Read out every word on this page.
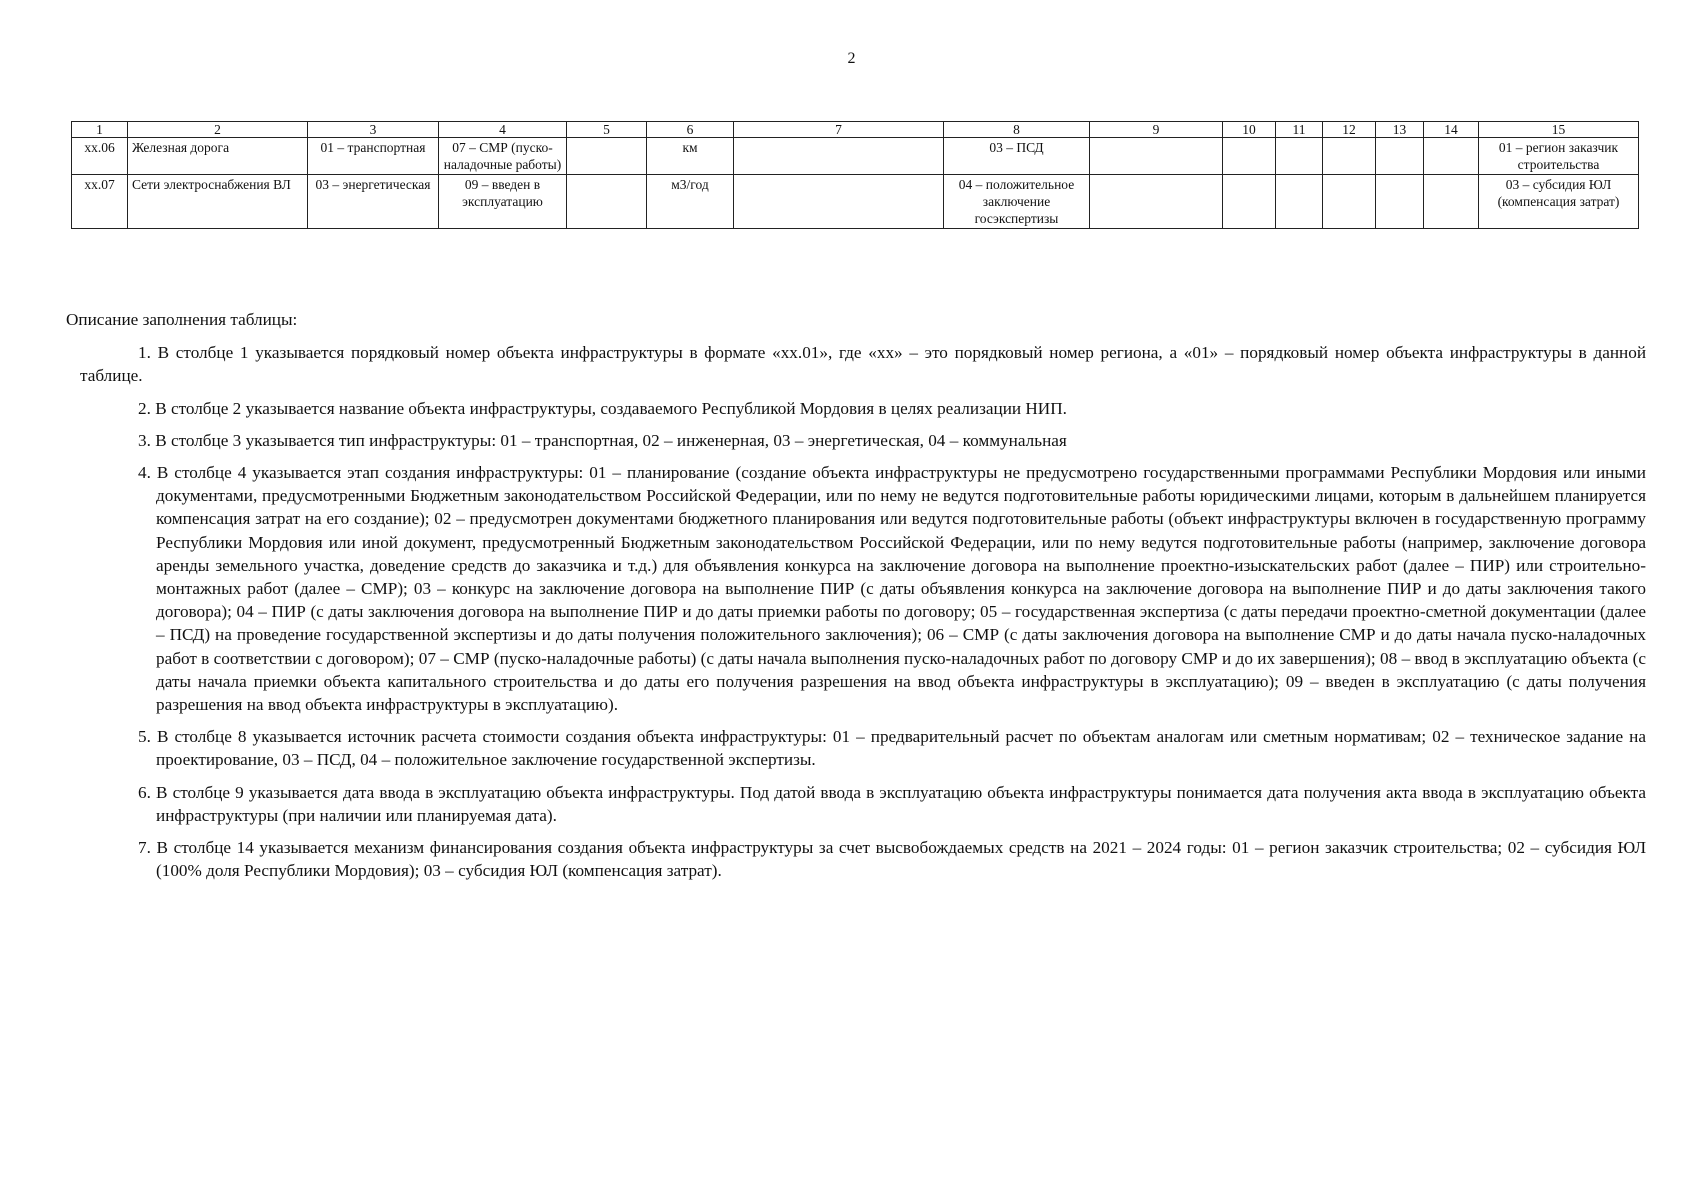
2
1	2	3	4	5	6	7	8	9	10	11	12	13	14	15
xx.06	Железная дорога	01 – транспортная	07 – СМР (пуско-наладочные работы)		км		03 – ПСД							01 – регион заказчик строительства
xx.07	Сети электроснабжения ВЛ	03 – энергетическая	09 – введен в эксплуатацию		м3/год		04 – положительное заключение госэкспертизы							03 – субсидия ЮЛ (компенсация затрат)

Описание заполнения таблицы:

1. В столбце 1 указывается порядковый номер объекта инфраструктуры в формате «xx.01», где «xx» – это порядковый номер региона, а «01» – порядковый номер объекта инфраструктуры в данной таблице.

2. В столбце 2 указывается название объекта инфраструктуры, создаваемого Республикой Мордовия в целях реализации НИП.

3. В столбце 3 указывается тип инфраструктуры: 01 – транспортная, 02 – инженерная, 03 – энергетическая, 04 – коммунальная

4. В столбце 4 указывается этап создания инфраструктуры: 01 – планирование (создание объекта инфраструктуры не предусмотрено государственными программами Республики Мордовия или иными документами, предусмотренными Бюджетным законодательством Российской Федерации, или по нему не ведутся подготовительные работы юридическими лицами, которым в дальнейшем планируется компенсация затрат на его создание); 02 – предусмотрен документами бюджетного планирования или ведутся подготовительные работы (объект инфраструктуры включен в государственную программу Республики Мордовия или иной документ, предусмотренный Бюджетным законодательством Российской Федерации, или по нему ведутся подготовительные работы (например, заключение договора аренды земельного участка, доведение средств до заказчика и т.д.) для объявления конкурса на заключение договора на выполнение проектно-изыскательских работ (далее – ПИР) или строительно-монтажных работ (далее – СМР); 03 – конкурс на заключение договора на выполнение ПИР (с даты объявления конкурса на заключение договора на выполнение ПИР и до даты заключения такого договора); 04 – ПИР (с даты заключения договора на выполнение ПИР и до даты приемки работы по договору; 05 – государственная экспертиза (с даты передачи проектно-сметной документации (далее – ПСД) на проведение государственной экспертизы и до даты получения положительного заключения); 06 – СМР (с даты заключения договора на выполнение СМР и до даты начала пуско-наладочных работ в соответствии с договором); 07 – СМР (пуско-наладочные работы) (с даты начала выполнения пуско-наладочных работ по договору СМР и до их завершения); 08 – ввод в эксплуатацию объекта (с даты начала приемки объекта капитального строительства и до даты его получения разрешения на ввод объекта инфраструктуры в эксплуатацию); 09 – введен в эксплуатацию (с даты получения разрешения на ввод объекта инфраструктуры в эксплуатацию).

5. В столбце 8 указывается источник расчета стоимости создания объекта инфраструктуры: 01 – предварительный расчет по объектам аналогам или сметным нормативам; 02 – техническое задание на проектирование, 03 – ПСД, 04 – положительное заключение государственной экспертизы.

6. В столбце 9 указывается дата ввода в эксплуатацию объекта инфраструктуры. Под датой ввода в эксплуатацию объекта инфраструктуры понимается дата получения акта ввода в эксплуатацию объекта инфраструктуры (при наличии или планируемая дата).

7. В столбце 14 указывается механизм финансирования создания объекта инфраструктуры за счет высвобождаемых средств на 2021 – 2024 годы: 01 – регион заказчик строительства; 02 – субсидия ЮЛ (100% доля Республики Мордовия); 03 – субсидия ЮЛ (компенсация затрат).
